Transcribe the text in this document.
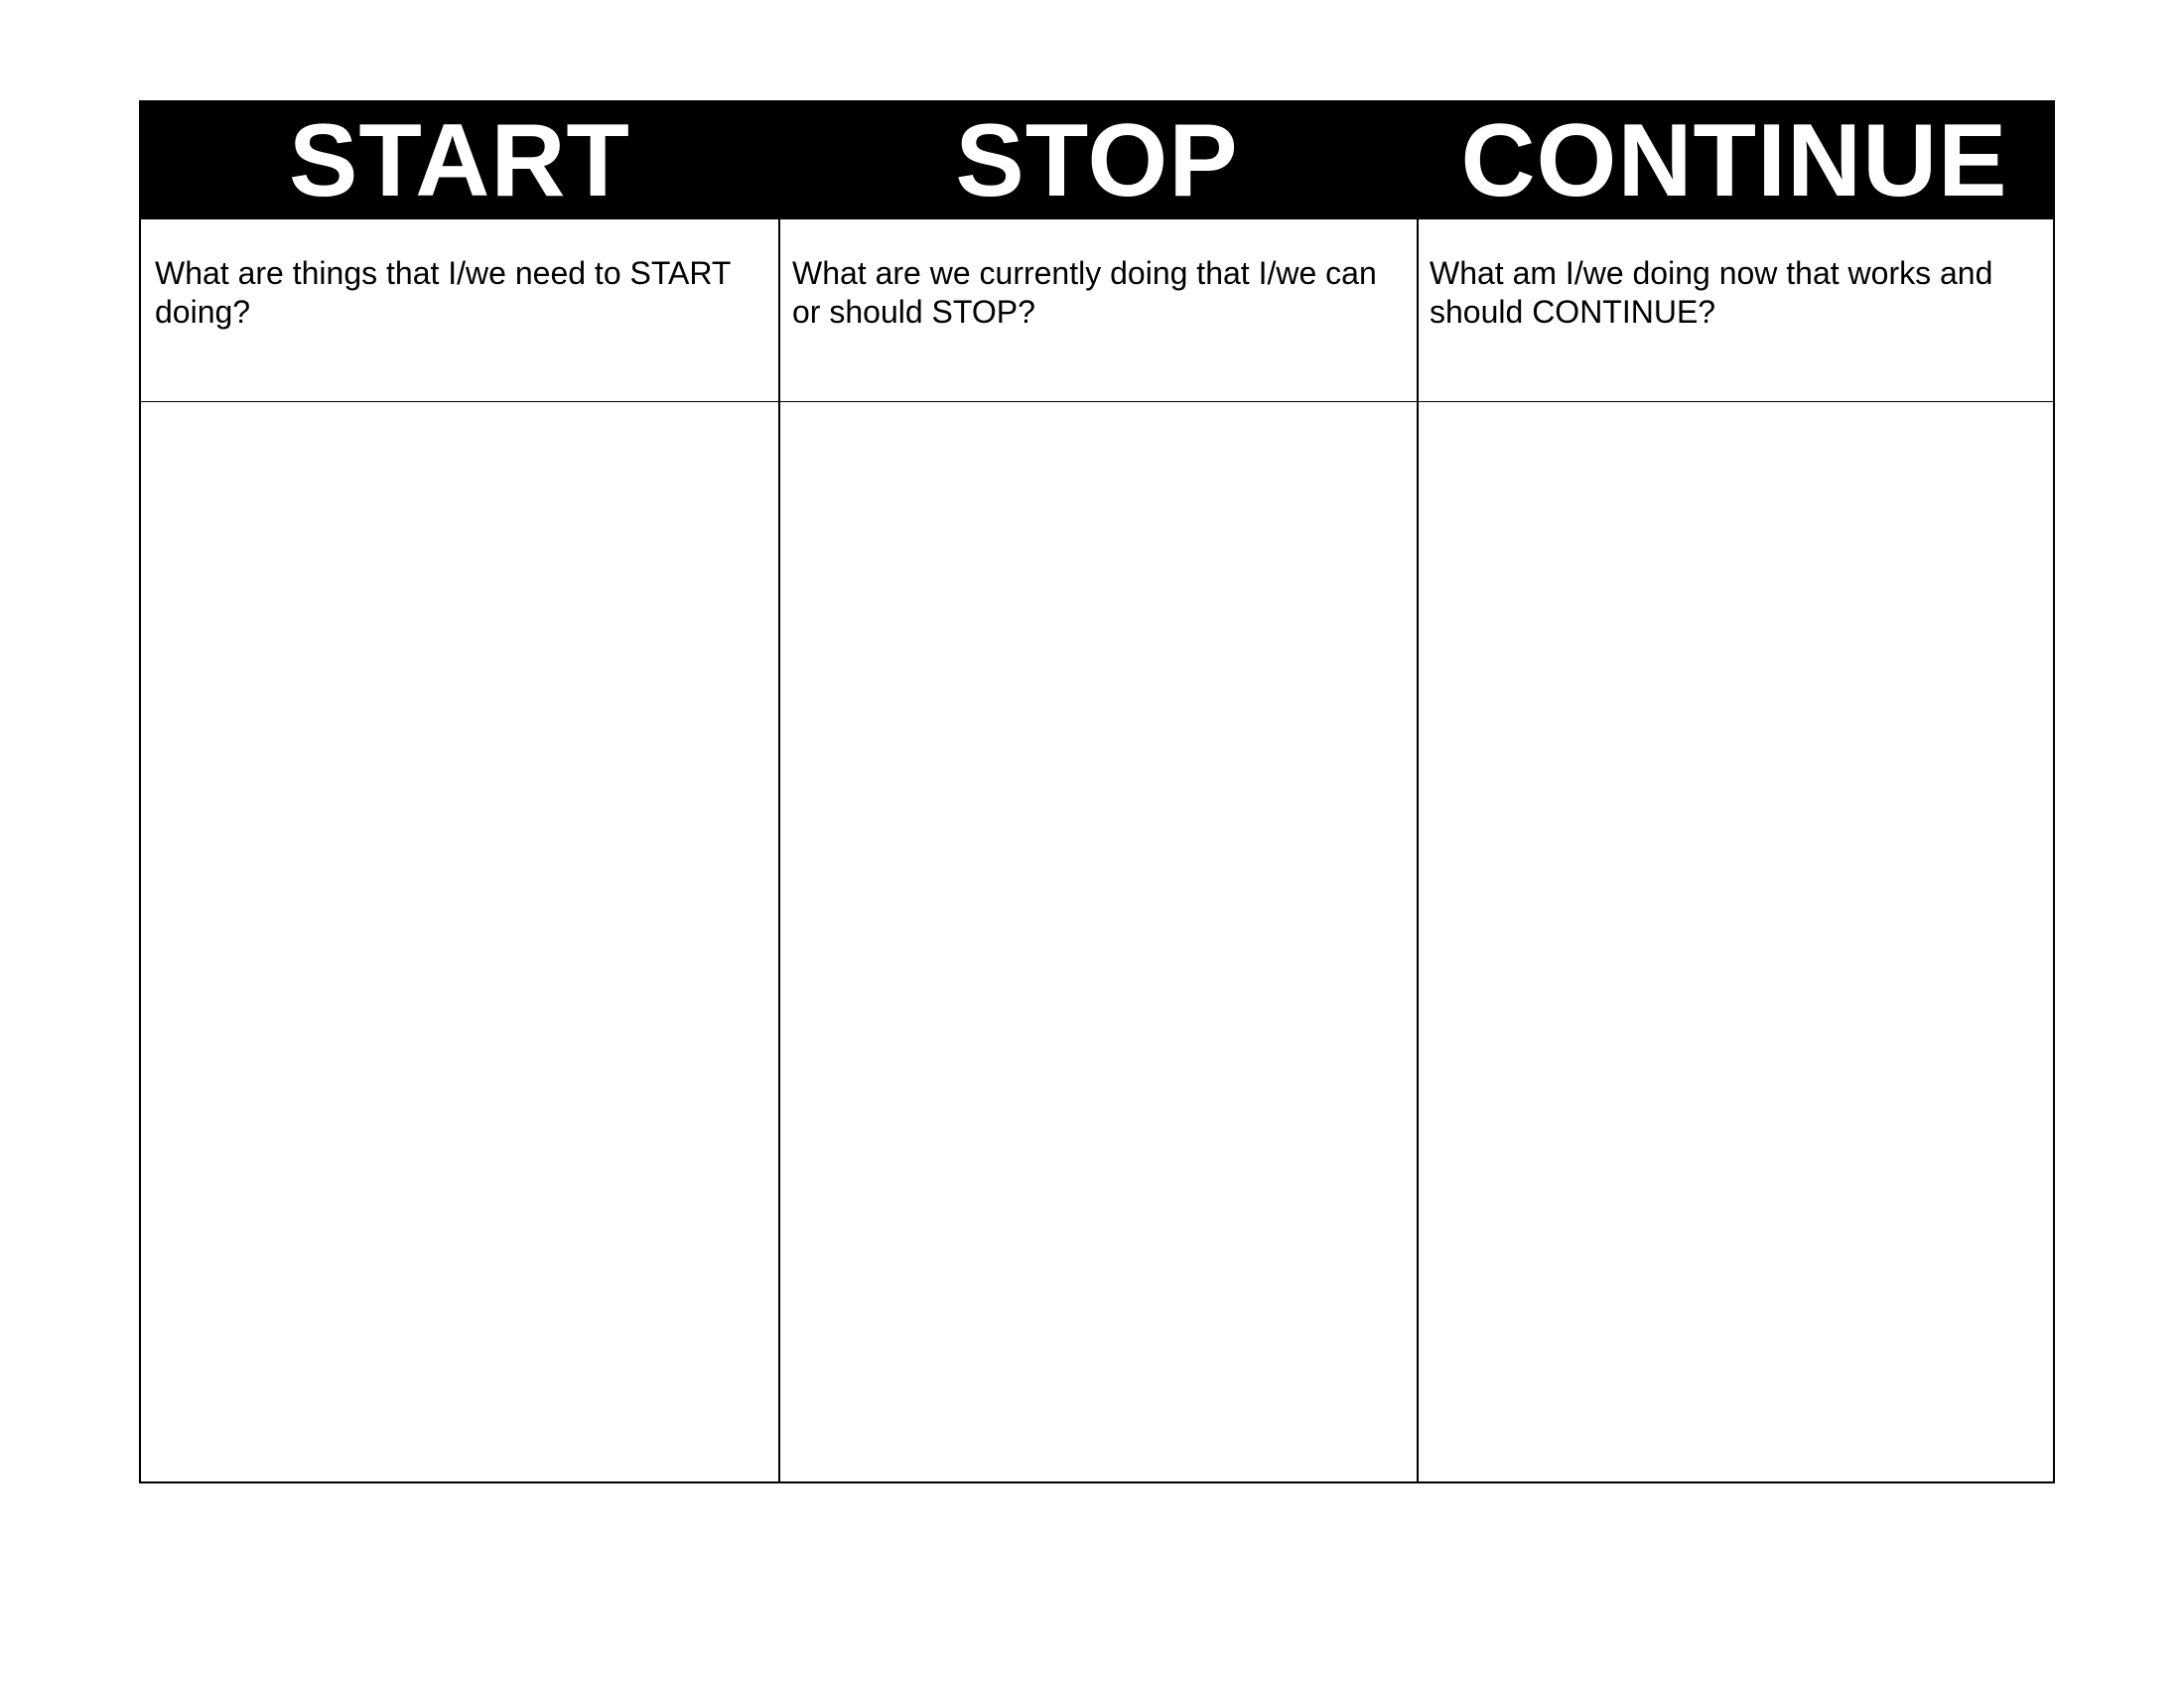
START	STOP	CONTINUE
What are things that I/we need to START doing?
What are we currently doing that I/we can or should STOP?
What am I/we doing now that works and should CONTINUE?
